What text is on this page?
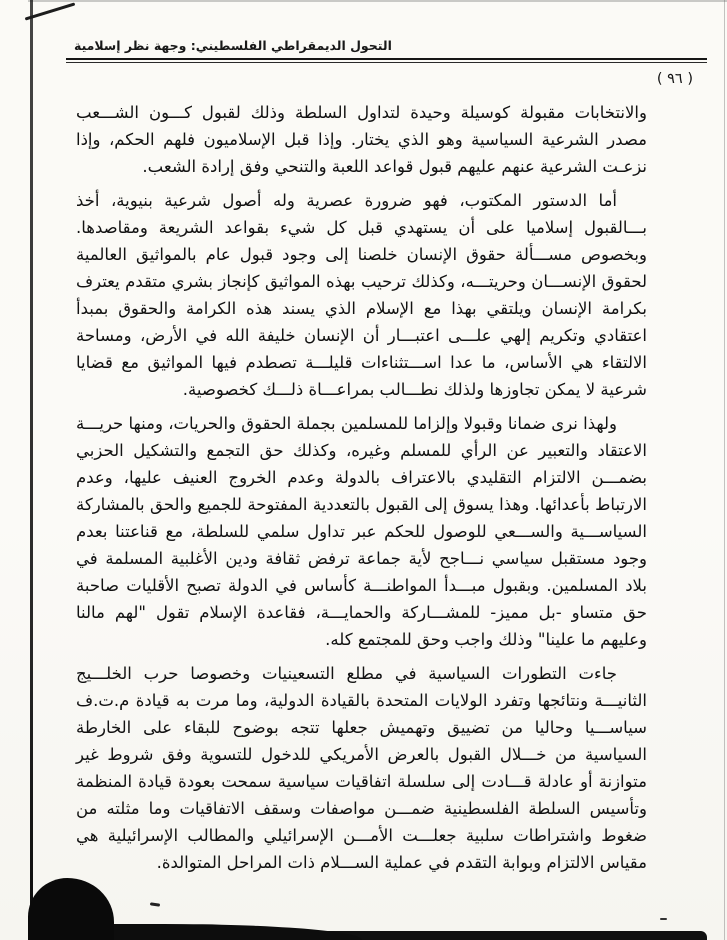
التحول الديمقراطي الفلسطيني: وجهة نظر إسلامية
( ٩٦ )

والانتخابات مقبولة كوسيلة وحيدة لتداول السلطة وذلك لقبول كـــون الشـــعب مصدر الشرعية السياسية وهو الذي يختار. وإذا قبل الإسلاميون فلهم الحكم، وإذا نزعـت الشرعية عنهم عليهم قبول قواعد اللعبة والتنحي وفق إرادة الشعب.

أما الدستور المكتوب، فهو ضرورة عصرية وله أصول شرعية بنيوية، أخذ بـــالقبول إسلاميا على أن يستهدي قبل كل شيء بقواعد الشريعة ومقاصدها. وبخصوص مســـألة حقوق الإنسان خلصنا إلى وجود قبول عام بالمواثيق العالمية لحقوق الإنســـان وحريتـــه، وكذلك ترحيب بهذه المواثيق كإنجاز بشري متقدم يعترف بكرامة الإنسان ويلتقي بهذا مع الإسلام الذي يسند هذه الكرامة والحقوق بمبدأ اعتقادي وتكريم إلهي علـــى اعتبـــار أن الإنسان خليفة الله في الأرض، ومساحة الالتقاء هي الأساس، ما عدا اســـتثناءات قليلـــة تصطدم فيها المواثيق مع قضايا شرعية لا يمكن تجاوزها ولذلك نطـــالب بمراعـــاة ذلـــك كخصوصية.

ولهذا نرى ضمانا وقبولا وإلزاما للمسلمين بجملة الحقوق والحريات، ومنها حريـــة الاعتقاد والتعبير عن الرأي للمسلم وغيره، وكذلك حق التجمع والتشكيل الحزبي بضمـــن الالتزام التقليدي بالاعتراف بالدولة وعدم الخروج العنيف عليها، وعدم الارتباط بأعدائها. وهذا يسوق إلى القبول بالتعددية المفتوحة للجميع والحق بالمشاركة السياســـية والســـعي للوصول للحكم عبر تداول سلمي للسلطة، مع قناعتنا بعدم وجود مستقبل سياسي نـــاجح لأية جماعة ترفض ثقافة ودين الأغلبية المسلمة في بلاد المسلمين. وبقبول مبـــدأ المواطنـــة كأساس في الدولة تصبح الأقليات صاحبة حق متساو -بل مميز- للمشـــاركة والحمايـــة، فقاعدة الإسلام تقول "لهم مالنا وعليهم ما علينا" وذلك واجب وحق للمجتمع كله.

جاءت التطورات السياسية في مطلع التسعينيات وخصوصا حرب الخلـــيج الثانيـــة ونتائجها وتفرد الولايات المتحدة بالقيادة الدولية، وما مرت به قيادة م.ت.ف سياســـيا وحاليا من تضييق وتهميش جعلها تتجه بوضوح للبقاء على الخارطة السياسية من خـــلال القبول بالعرض الأمريكي للدخول للتسوية وفق شروط غير متوازنة أو عادلة قـــادت إلى سلسلة اتفاقيات سياسية سمحت بعودة قيادة المنظمة وتأسيس السلطة الفلسطينية ضمـــن مواصفات وسقف الاتفاقيات وما مثلته من ضغوط واشتراطات سلبية جعلـــت الأمـــن الإسرائيلي والمطالب الإسرائيلية هي مقياس الالتزام وبوابة التقدم في عملية الســـلام ذات المراحل المتوالدة.
